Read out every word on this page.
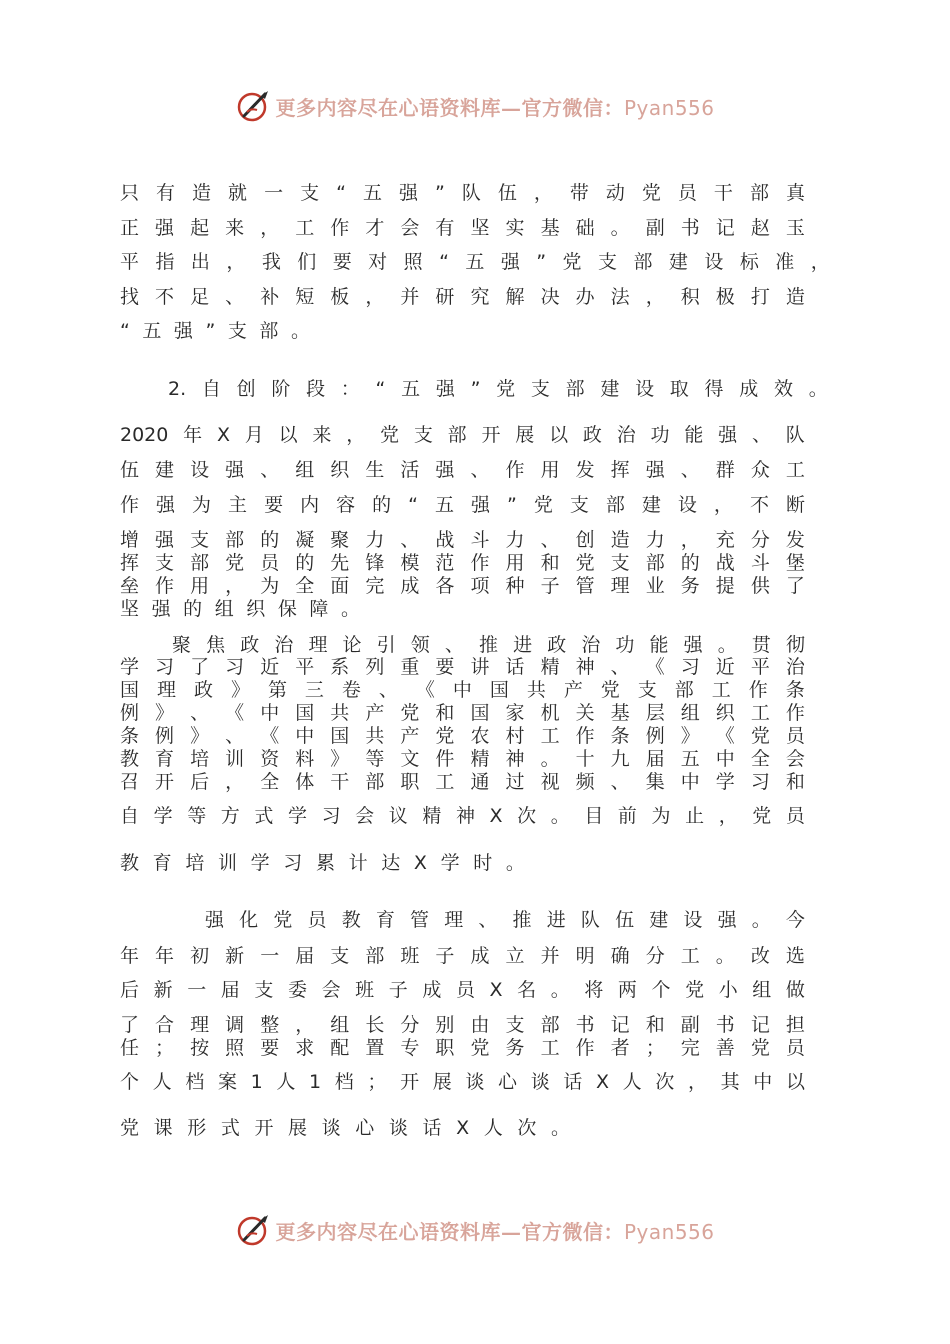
更多内容尽在心语资料库—官方微信：Pyan556
只 有 造 就 一 支 “ 五 强 ” 队 伍 ， 带 动 党 员 干 部 真
正 强 起 来 ， 工 作 才 会 有 坚 实 基 础 。 副 书 记 赵 玉
平 指 出 ， 我 们 要 对 照 “ 五 强 ” 党 支 部 建 设 标 准 ，
找 不 足 、 补 短 板 ， 并 研 究 解 决 办 法 ， 积 极 打 造
“ 五 强 ” 支 部 。
2. 自 创 阶 段 ： “ 五 强 ” 党 支 部 建 设 取 得 成 效 。
2020 年 X 月 以 来 ， 党 支 部 开 展 以 政 治 功 能 强 、 队
伍 建 设 强 、 组 织 生 活 强 、 作 用 发 挥 强 、 群 众 工
作 强 为 主 要 内 容 的 “ 五 强 ” 党 支 部 建 设 ， 不 断
增 强 支 部 的 凝 聚 力 、 战 斗 力 、 创 造 力 ， 充 分 发
挥 支 部 党 员 的 先 锋 模 范 作 用 和 党 支 部 的 战 斗 堡
垒 作 用 ， 为 全 面 完 成 各 项 种 子 管 理 业 务 提 供 了
坚 强 的 组 织 保 障 。
聚 焦 政 治 理 论 引 领 、 推 进 政 治 功 能 强 。 贯 彻
学 习 了 习 近 平 系 列 重 要 讲 话 精 神 、 《 习 近 平 治
国 理 政 》 第 三 卷 、 《 中 国 共 产 党 支 部 工 作 条
例 》 、 《 中 国 共 产 党 和 国 家 机 关 基 层 组 织 工 作
条 例 》 、 《 中 国 共 产 党 农 村 工 作 条 例 》 《 党 员
教 育 培 训 资 料 》 等 文 件 精 神 。 十 九 届 五 中 全 会
召 开 后 ， 全 体 干 部 职 工 通 过 视 频 、 集 中 学 习 和
自 学 等 方 式 学 习 会 议 精 神 X 次 。 目 前 为 止 ， 党 员
教 育 培 训 学 习 累 计 达 X 学 时 。
强 化 党 员 教 育 管 理 、 推 进 队 伍 建 设 强 。 今
年 年 初 新 一 届 支 部 班 子 成 立 并 明 确 分 工 。 改 选
后 新 一 届 支 委 会 班 子 成 员 X 名 。 将 两 个 党 小 组 做
了 合 理 调 整 ， 组 长 分 别 由 支 部 书 记 和 副 书 记 担
任 ； 按 照 要 求 配 置 专 职 党 务 工 作 者 ； 完 善 党 员
个 人 档 案 1 人 1 档 ； 开 展 谈 心 谈 话 X 人 次 ， 其 中 以
党 课 形 式 开 展 谈 心 谈 话 X 人 次 。
更多内容尽在心语资料库—官方微信：Pyan556
